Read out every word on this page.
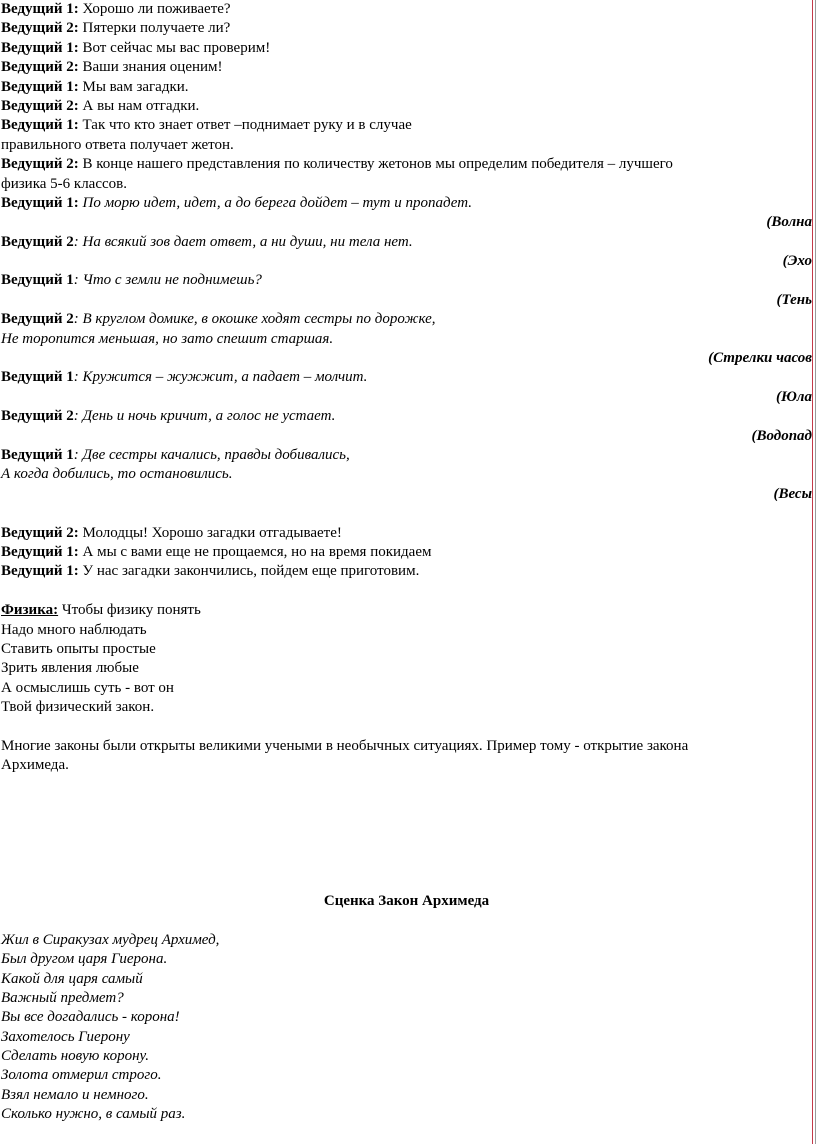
Ведущий 1: Хорошо ли поживаете?
Ведущий 2: Пятерки получаете ли?
Ведущий 1: Вот сейчас мы вас проверим!
Ведущий 2: Ваши знания оценим!
Ведущий 1: Мы вам загадки.
Ведущий 2: А вы нам отгадки.
Ведущий 1: Так что кто знает ответ –поднимает руку и в случае
правильного ответа получает жетон.
Ведущий 2: В конце нашего представления по количеству жетонов мы определим победителя – лучшего
физика 5-6 классов.
Ведущий 1: По морю идет, идет, а до берега дойдет – тут и пропадет.
(Волна
Ведущий 2: На всякий зов дает ответ, а ни души, ни тела нет.
(Эхо
Ведущий 1: Что с земли не поднимешь?
(Тень
Ведущий 2: В круглом домике, в окошке ходят сестры по дорожке,
Не торопится меньшая, но зато спешит старшая.
(Стрелки часов
Ведущий 1: Кружится – жужжит, а падает – молчит.
(Юла
Ведущий 2: День и ночь кричит, а голос не устает.
(Водопад
Ведущий 1: Две сестры качались, правды добивались,
А когда добились, то остановились.
(Весы
Ведущий 2: Молодцы! Хорошо загадки отгадываете!
Ведущий 1: А мы с вами еще не прощаемся, но на время покидаем
Ведущий 1: У нас загадки закончились, пойдем еще приготовим.
Физика: Чтобы физику понять
Надо много наблюдать
Ставить опыты простые
Зрить явления любые
А осмыслишь суть - вот он
Твой физический закон.
Многие законы были открыты великими учеными в необычных ситуациях. Пример тому - открытие закона
Архимеда.
Сценка Закон Архимеда
Жил в Сиракузах мудрец Архимед,
Был другом царя Гиерона.
Какой для царя самый
Важный предмет?
Вы все догадались - корона!
Захотелось Гиерону
Сделать новую корону.
Золота отмерил строго.
Взял немало и немного.
Сколько нужно, в самый раз.
